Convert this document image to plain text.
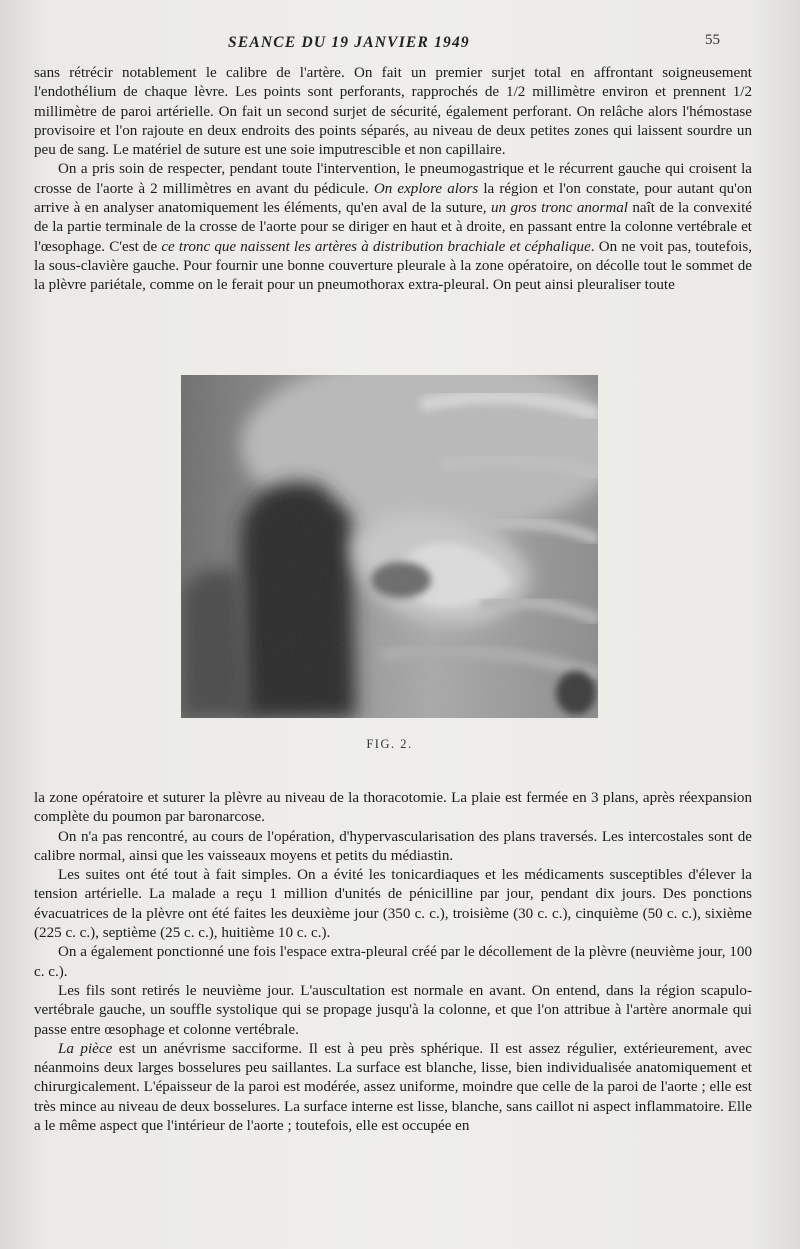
SEANCE DU 19 JANVIER 1949	55

sans rétrécir notablement le calibre de l'artère. On fait un premier surjet total en affrontant soigneusement l'endothélium de chaque lèvre. Les points sont perforants, rapprochés de 1/2 millimètre environ et prennent 1/2 millimètre de paroi artérielle. On fait un second surjet de sécurité, également perforant. On relâche alors l'hémostase provisoire et l'on rajoute en deux endroits des points séparés, au niveau de deux petites zones qui laissent sourdre un peu de sang. Le matériel de suture est une soie imputrescible et non capillaire.

On a pris soin de respecter, pendant toute l'intervention, le pneumogastrique et le récurrent gauche qui croisent la crosse de l'aorte à 2 millimètres en avant du pédicule. On explore alors la région et l'on constate, pour autant qu'on arrive à en analyser anatomiquement les éléments, qu'en aval de la suture, un gros tronc anormal naît de la convexité de la partie terminale de la crosse de l'aorte pour se diriger en haut et à droite, en passant entre la colonne vertébrale et l'œsophage. C'est de ce tronc que naissent les artères à distribution brachiale et céphalique. On ne voit pas, toutefois, la sous-clavière gauche. Pour fournir une bonne couverture pleurale à la zone opératoire, on décolle tout le sommet de la plèvre pariétale, comme on le ferait pour un pneumothorax extra-pleural. On peut ainsi pleuraliser toute

FIG. 2.

la zone opératoire et suturer la plèvre au niveau de la thoracotomie. La plaie est fermée en 3 plans, après réexpansion complète du poumon par baronarcose.

On n'a pas rencontré, au cours de l'opération, d'hypervascularisation des plans traversés. Les intercostales sont de calibre normal, ainsi que les vaisseaux moyens et petits du médiastin.

Les suites ont été tout à fait simples. On a évité les tonicardiaques et les médicaments susceptibles d'élever la tension artérielle. La malade a reçu 1 million d'unités de pénicilline par jour, pendant dix jours. Des ponctions évacuatrices de la plèvre ont été faites les deuxième jour (350 c. c.), troisième (30 c. c.), cinquième (50 c. c.), sixième (225 c. c.), septième (25 c. c.), huitième 10 c. c.).

On a également ponctionné une fois l'espace extra-pleural créé par le décollement de la plèvre (neuvième jour, 100 c. c.).

Les fils sont retirés le neuvième jour. L'auscultation est normale en avant. On entend, dans la région scapulo-vertébrale gauche, un souffle systolique qui se propage jusqu'à la colonne, et que l'on attribue à l'artère anormale qui passe entre œsophage et colonne vertébrale.

La pièce est un anévrisme sacciforme. Il est à peu près sphérique. Il est assez régulier, extérieurement, avec néanmoins deux larges bosselures peu saillantes. La surface est blanche, lisse, bien individualisée anatomiquement et chirurgicalement. L'épaisseur de la paroi est modérée, assez uniforme, moindre que celle de la paroi de l'aorte ; elle est très mince au niveau de deux bosselures. La surface interne est lisse, blanche, sans caillot ni aspect inflammatoire. Elle a le même aspect que l'intérieur de l'aorte ; toutefois, elle est occupée en
